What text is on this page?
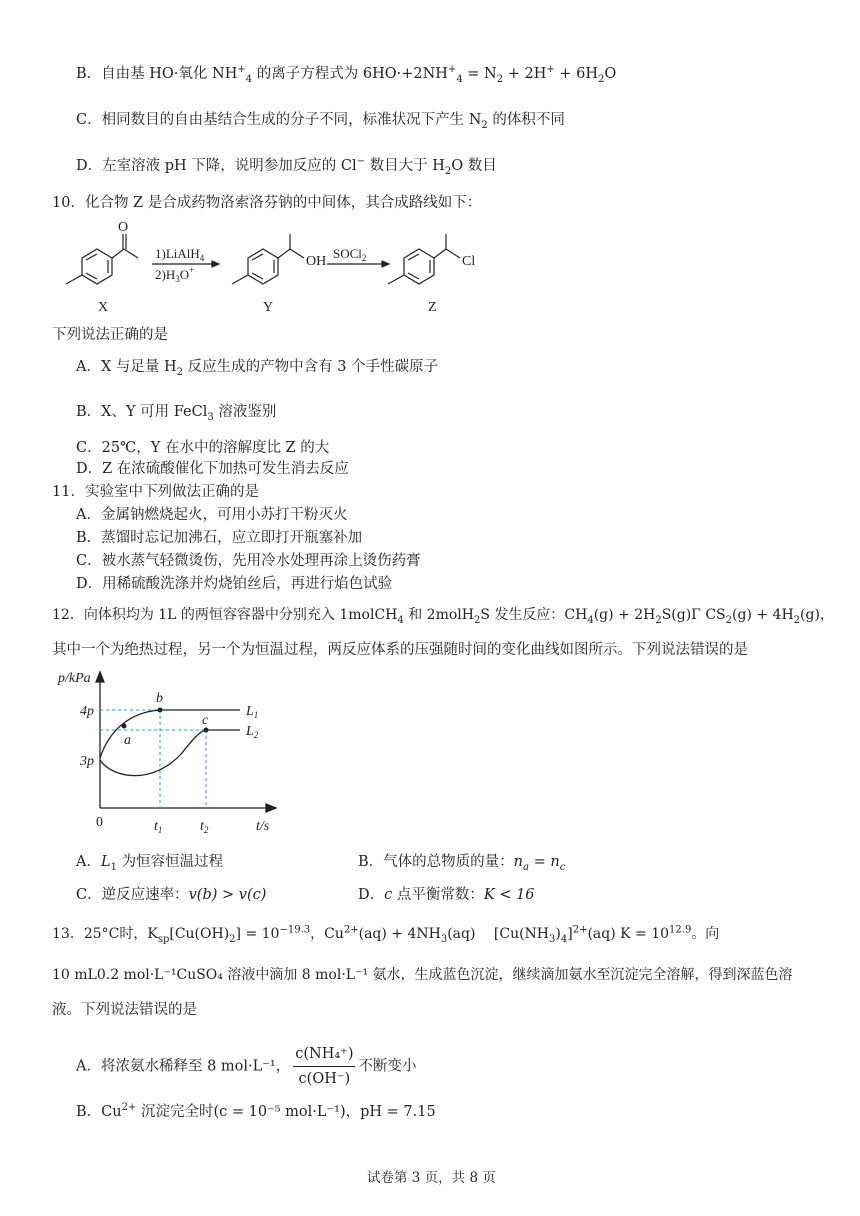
B．自由基 HO·氧化 $NH^+_4$ 的离子方程式为 $6HO\cdot+2NH^+_4 = N_2 + 2H^+ + 6H_2O$
C．相同数目的自由基结合生成的分子不同，标准状况下产生 $N_2$ 的体积不同
D．左室溶液 pH 下降，说明参加反应的 Cl− 数目大于 $H_2O$ 数目
10．化合物 Z 是合成药物洛索洛芬钠的中间体，其合成路线如下：
O
OH	Cl
1)LiAlH$_4$
$2)H_3O^+$
SOCl$_2$
X	Y	Z
下列说法正确的是
A．X 与足量 $H_2$ 反应生成的产物中含有 3 个手性碳原子
B．X、Y 可用 FeCl$_3$ 溶液鉴别
C．25℃，Y 在水中的溶解度比 Z 的大
D．Z 在浓硫酸催化下加热可发生消去反应
11．实验室中下列做法正确的是
A．金属钠燃烧起火，可用小苏打干粉灭火
B．蒸馏时忘记加沸石，应立即打开瓶塞补加
C．被水蒸气轻微烫伤，先用冷水处理再涂上烫伤药膏
D．用稀硫酸洗涤并灼烧铂丝后，再进行焰色试验
12．向体积均为 1L 的两恒容容器中分别充入 1molCH$_4$ 和 2molH$_2$S 发生反应：$CH_4(g) + 2H_2S(g)\Gamma$ $CS_2(g) + 4H_2(g)$，
其中一个为绝热过程，另一个为恒温过程，两反应体系的压强随时间的变化曲线如图所示。下列说法错误的是
p/kPa
4p
3p
0	$t_1$	$t_2$	t/s
$L_1$
$L_2$
a
b
c
A．$L_1$ 为恒容恒温过程	B．气体的总物质的量：$n_a = n_c$
C．逆反应速率：v(b) > v(c)	D．c 点平衡常数：K < 16
13．25°C时，$K_{sp}[Cu(OH)_2] = 10^{-19.3}$，$Cu^{2+}(aq) + 4NH_3(aq)$　 $[Cu(NH_3)_4]^{2+}(aq) K = 10^{12.9}$。向
10 mL0.2 mol·L⁻¹CuSO₄ 溶液中滴加 8 mol·L⁻¹ 氨水，生成蓝色沉淀，继续滴加氨水至沉淀完全溶解，得到深蓝色溶
液。下列说法错误的是
A．将浓氨水稀释至 8 mol·L⁻¹， $\frac{\text{c(NH₄⁺)}}{c(OH^-)}$ 不断变小
B．$Cu^{2+}$ 沉淀完全时(c = 10⁻⁵ mol·L⁻¹)，pH = 7.15
试卷第 3 页，共 8 页
